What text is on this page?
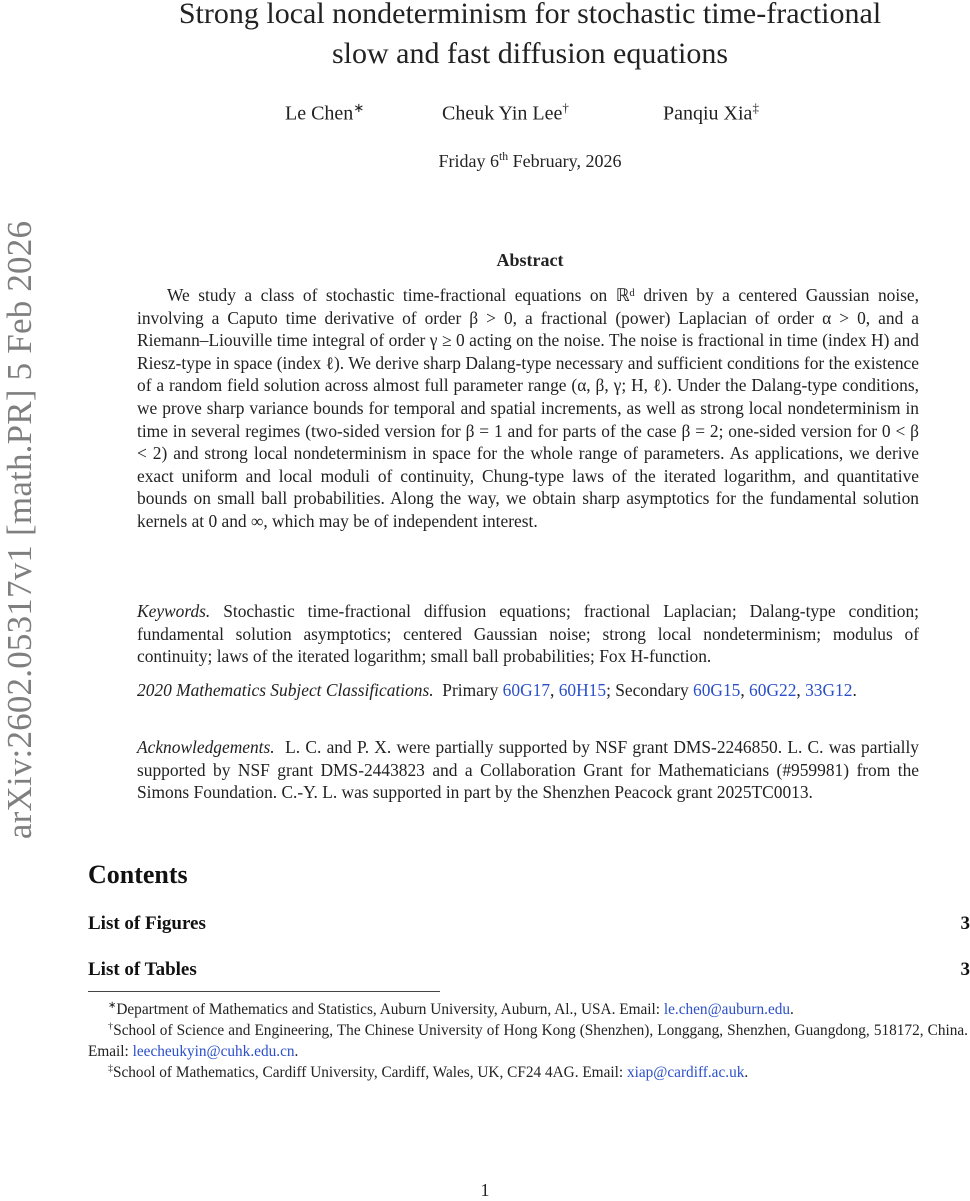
arXiv:2602.05317v1 [math.PR] 5 Feb 2026
Strong local nondeterminism for stochastic time-fractional
slow and fast diffusion equations
Le Chen∗	Cheuk Yin Lee†	Panqiu Xia‡
Friday 6th February, 2026
Abstract

We study a class of stochastic time-fractional equations on ℝᵈ driven by a centered Gaussian noise, involving a Caputo time derivative of order β > 0, a fractional (power) Laplacian of order α > 0, and a Riemann–Liouville time integral of order γ ≥ 0 acting on the noise. The noise is fractional in time (index H) and Riesz-type in space (index ℓ). We derive sharp Dalang-type necessary and sufficient conditions for the existence of a random field solution across almost full parameter range (α, β, γ; H, ℓ). Under the Dalang-type conditions, we prove sharp variance bounds for temporal and spatial increments, as well as strong local nondeterminism in time in several regimes (two-sided version for β = 1 and for parts of the case β = 2; one-sided version for 0 < β < 2) and strong local nondeterminism in space for the whole range of parameters. As applications, we derive exact uniform and local moduli of continuity, Chung-type laws of the iterated logarithm, and quantitative bounds on small ball probabilities. Along the way, we obtain sharp asymptotics for the fundamental solution kernels at 0 and ∞, which may be of independent interest.

Keywords. Stochastic time-fractional diffusion equations; fractional Laplacian; Dalang-type condition; fundamental solution asymptotics; centered Gaussian noise; strong local nondeterminism; modulus of continuity; laws of the iterated logarithm; small ball probabilities; Fox H-function.

2020 Mathematics Subject Classifications.  Primary 60G17, 60H15; Secondary 60G15, 60G22, 33G12.

Acknowledgements.  L. C. and P. X. were partially supported by NSF grant DMS-2246850. L. C. was partially supported by NSF grant DMS-2443823 and a Collaboration Grant for Mathematicians (#959981) from the Simons Foundation. C.-Y. L. was supported in part by the Shenzhen Peacock grant 2025TC0013.

Contents
List of Figures	3
List of Tables	3

∗Department of Mathematics and Statistics, Auburn University, Auburn, Al., USA. Email: le.chen@auburn.edu.

†School of Science and Engineering, The Chinese University of Hong Kong (Shenzhen), Longgang, Shenzhen, Guangdong, 518172, China. Email: leecheukyin@cuhk.edu.cn.

‡School of Mathematics, Cardiff University, Cardiff, Wales, UK, CF24 4AG. Email: xiap@cardiff.ac.uk.

1
